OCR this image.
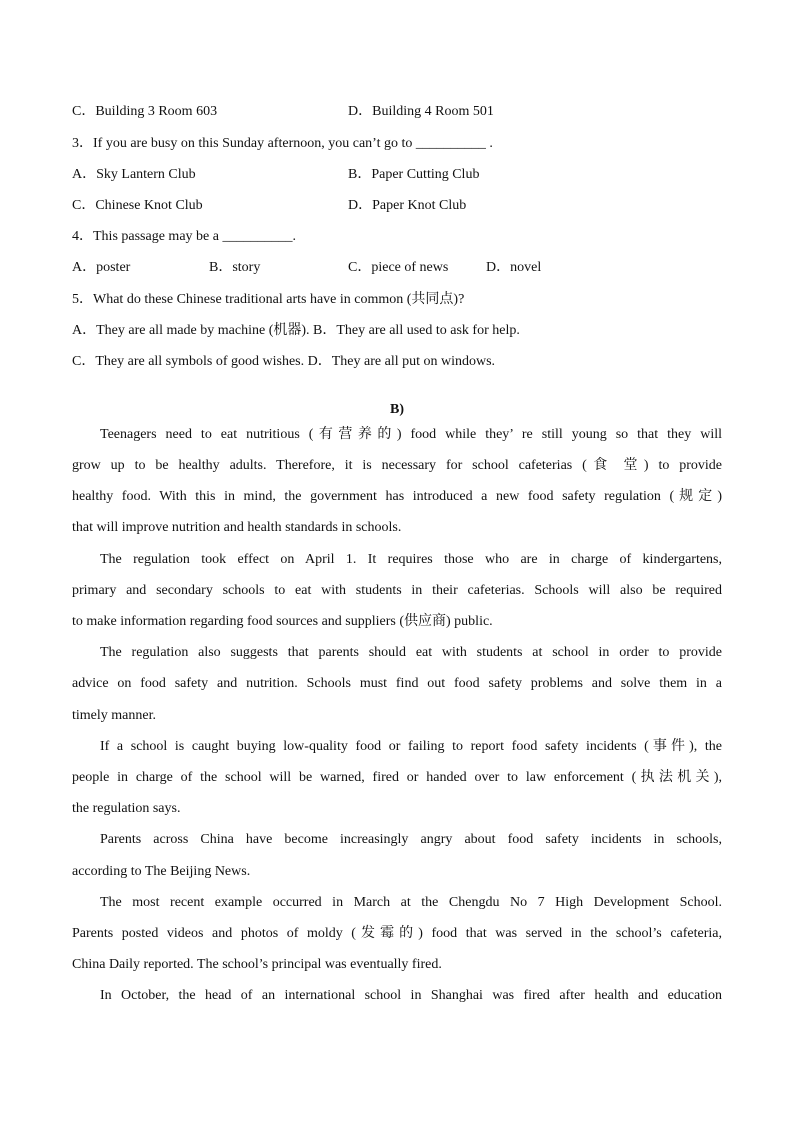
C．Building 3 Room 603	D．Building 4 Room 501
3．If you are busy on this Sunday afternoon, you can’t go to __________ .
A．Sky Lantern Club	B．Paper Cutting Club
C．Chinese Knot Club	D．Paper Knot Club
4．This passage may be a __________.
A．poster	B．story	C．piece of news	D．novel
5．What do these Chinese traditional arts have in common (共同点)?
A．They are all made by machine (机器). B．They are all used to ask for help.
C．They are all symbols of good wishes. D．They are all put on windows.
B)
Teenagers need to eat nutritious (有营养的) food while they’ re still young so that they will
grow up to be healthy adults. Therefore, it is necessary for school cafeterias (食 堂) to provide
healthy food. With this in mind, the government has introduced a new food safety regulation (规定)
that will improve nutrition and health standards in schools.
The regulation took effect on April 1. It requires those who are in charge of kindergartens,
primary and secondary schools to eat with students in their cafeterias. Schools will also be required
to make information regarding food sources and suppliers (供应商) public.
The regulation also suggests that parents should eat with students at school in order to provide
advice on food safety and nutrition. Schools must find out food safety problems and solve them in a
timely manner.
If a school is caught buying low-quality food or failing to report food safety incidents (事件), the
people in charge of the school will be warned, fired or handed over to law enforcement (执法机关),
the regulation says.
Parents across China have become increasingly angry about food safety incidents in schools,
according to The Beijing News.
The most recent example occurred in March at the Chengdu No 7 High Development School.
Parents posted videos and photos of moldy (发霉的) food that was served in the school’s cafeteria,
China Daily reported. The school’s principal was eventually fired.
In October, the head of an international school in Shanghai was fired after health and education
